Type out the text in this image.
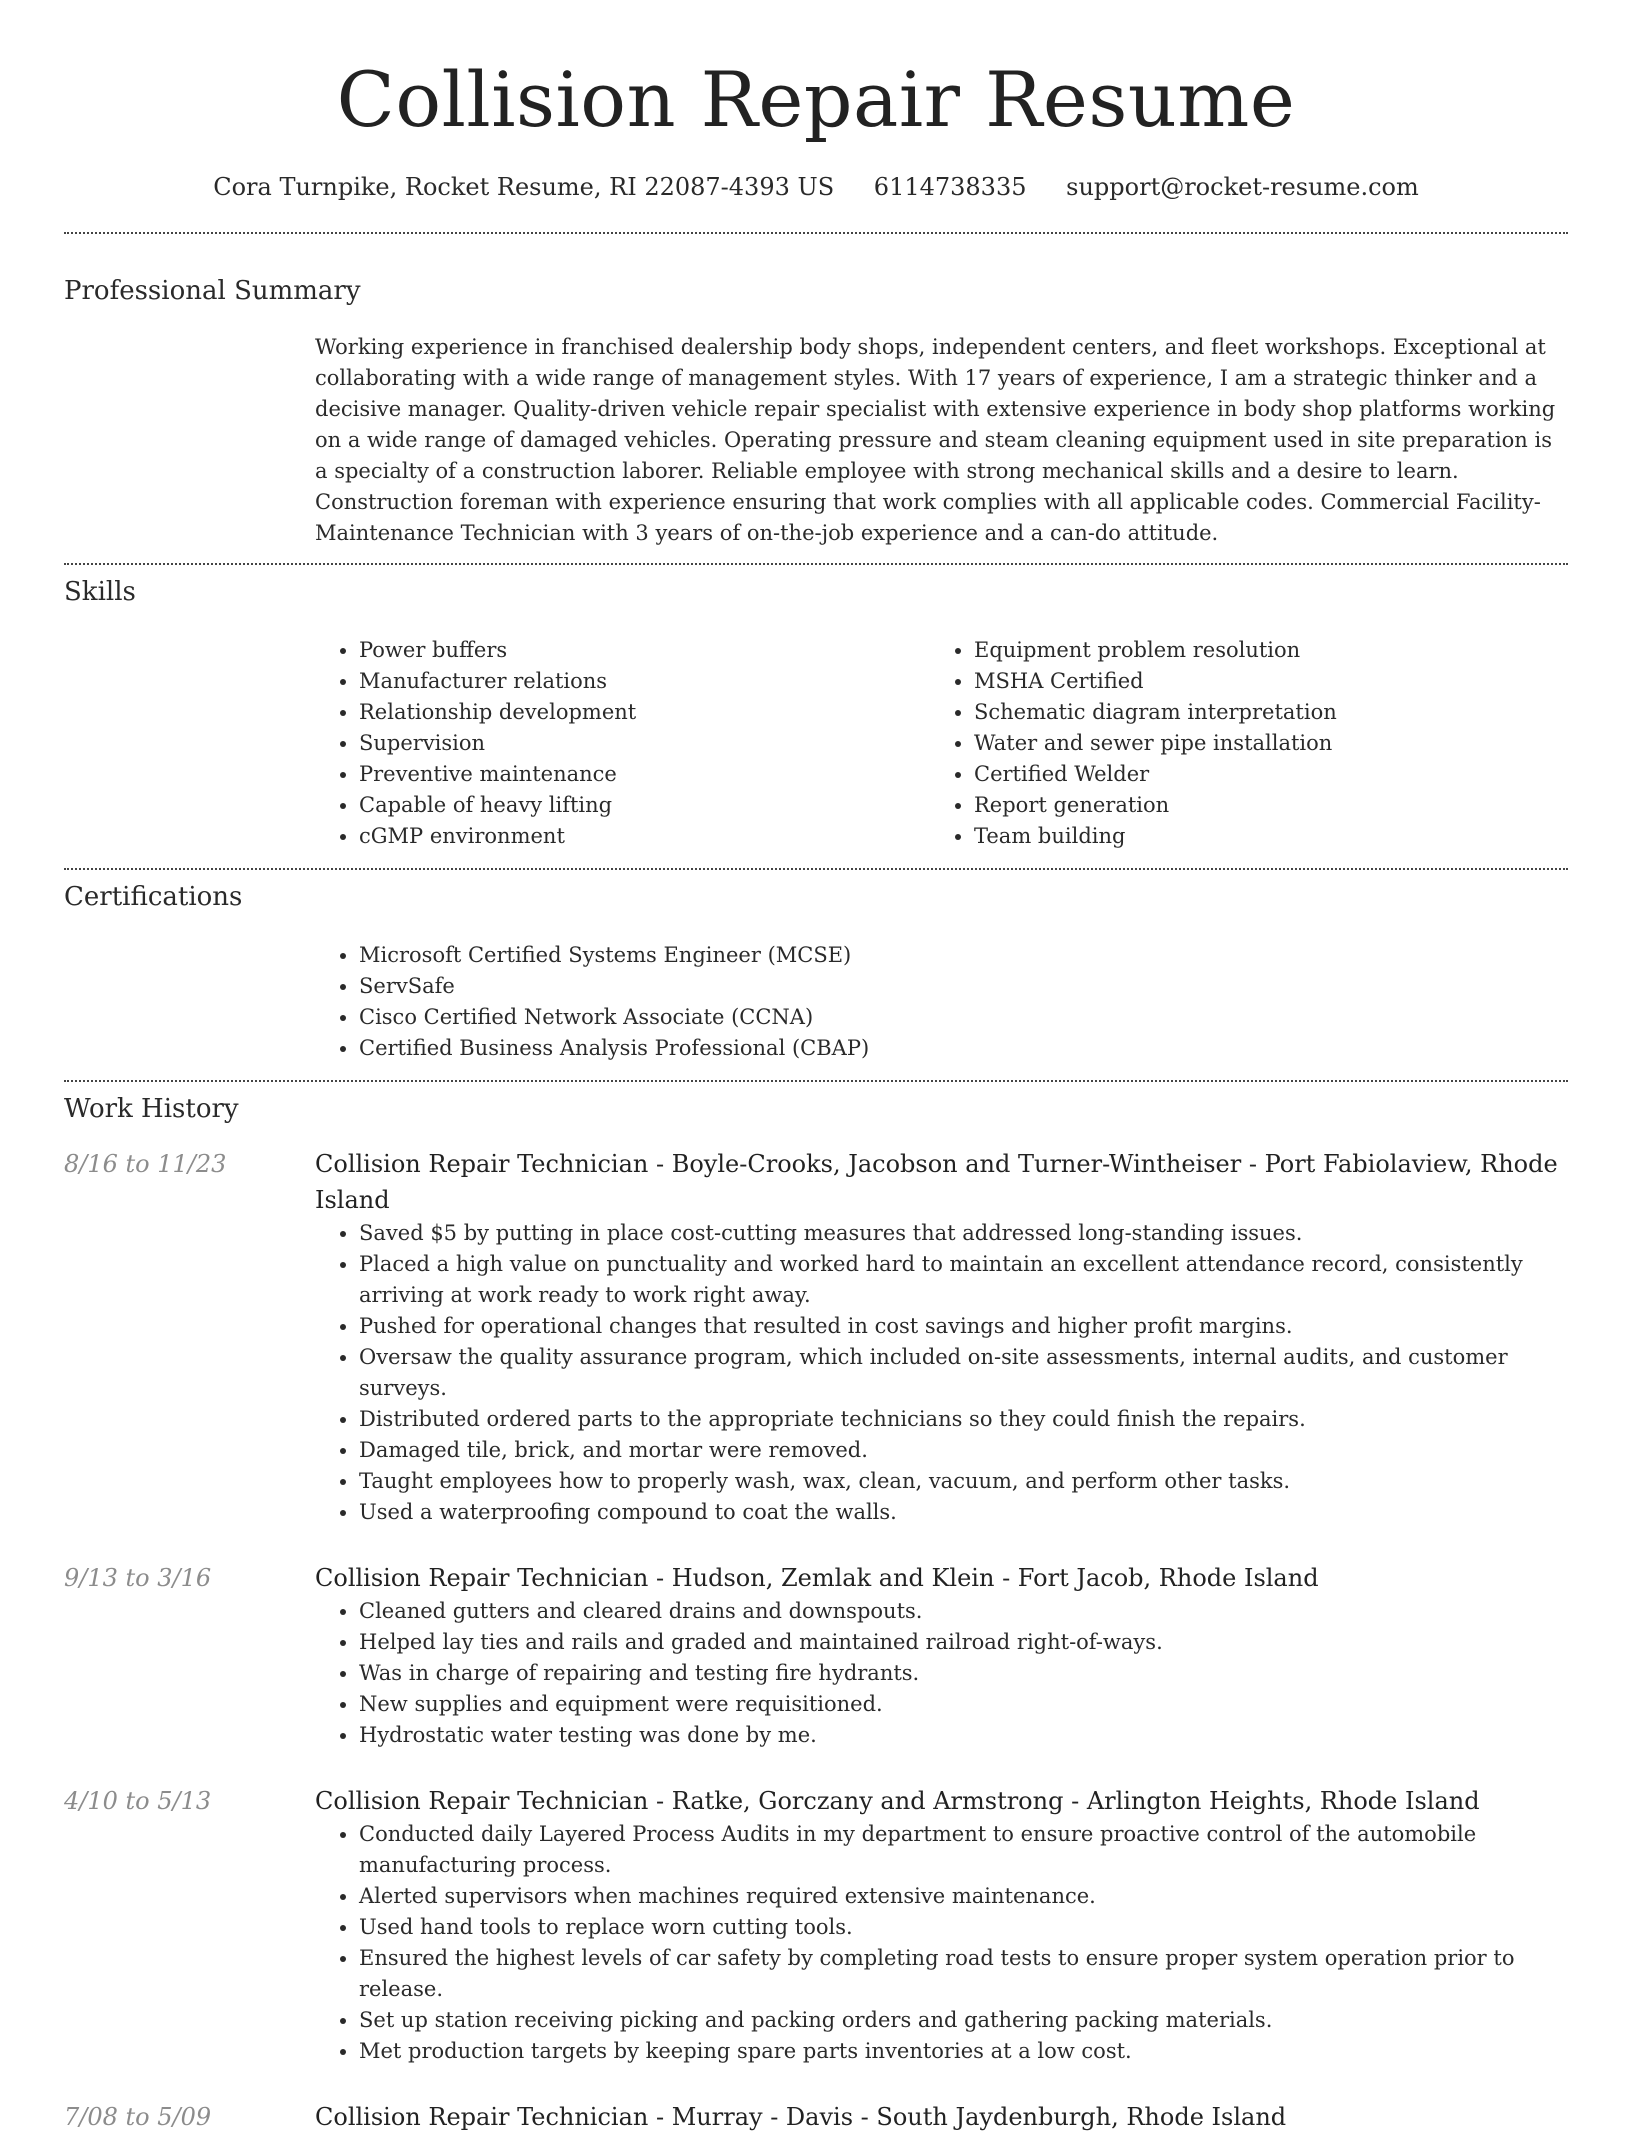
Collision Repair Resume
Cora Turnpike, Rocket Resume, RI 22087-4393 US 6114738335 support@rocket-resume.com
Professional Summary
Working experience in franchised dealership body shops, independent centers, and fleet workshops. Exceptional at collaborating with a wide range of management styles. With 17 years of experience, I am a strategic thinker and a decisive manager. Quality-driven vehicle repair specialist with extensive experience in body shop platforms working on a wide range of damaged vehicles. Operating pressure and steam cleaning equipment used in site preparation is a specialty of a construction laborer. Reliable employee with strong mechanical skills and a desire to learn. Construction foreman with experience ensuring that work complies with all applicable codes. Commercial Facility-Maintenance Technician with 3 years of on-the-job experience and a can-do attitude.
Skills
• Power buffers
• Manufacturer relations
• Relationship development
• Supervision
• Preventive maintenance
• Capable of heavy lifting
• cGMP environment
• Equipment problem resolution
• MSHA Certified
• Schematic diagram interpretation
• Water and sewer pipe installation
• Certified Welder
• Report generation
• Team building
Certifications
• Microsoft Certified Systems Engineer (MCSE)
• ServSafe
• Cisco Certified Network Associate (CCNA)
• Certified Business Analysis Professional (CBAP)
Work History
8/16 to 11/23	Collision Repair Technician - Boyle-Crooks, Jacobson and Turner-Wintheiser - Port Fabiolaview, Rhode Island
• Saved $5 by putting in place cost-cutting measures that addressed long-standing issues.
• Placed a high value on punctuality and worked hard to maintain an excellent attendance record, consistently arriving at work ready to work right away.
• Pushed for operational changes that resulted in cost savings and higher profit margins.
• Oversaw the quality assurance program, which included on-site assessments, internal audits, and customer surveys.
• Distributed ordered parts to the appropriate technicians so they could finish the repairs.
• Damaged tile, brick, and mortar were removed.
• Taught employees how to properly wash, wax, clean, vacuum, and perform other tasks.
• Used a waterproofing compound to coat the walls.
9/13 to 3/16	Collision Repair Technician - Hudson, Zemlak and Klein - Fort Jacob, Rhode Island
• Cleaned gutters and cleared drains and downspouts.
• Helped lay ties and rails and graded and maintained railroad right-of-ways.
• Was in charge of repairing and testing fire hydrants.
• New supplies and equipment were requisitioned.
• Hydrostatic water testing was done by me.
4/10 to 5/13	Collision Repair Technician - Ratke, Gorczany and Armstrong - Arlington Heights, Rhode Island
• Conducted daily Layered Process Audits in my department to ensure proactive control of the automobile manufacturing process.
• Alerted supervisors when machines required extensive maintenance.
• Used hand tools to replace worn cutting tools.
• Ensured the highest levels of car safety by completing road tests to ensure proper system operation prior to release.
• Set up station receiving picking and packing orders and gathering packing materials.
• Met production targets by keeping spare parts inventories at a low cost.
7/08 to 5/09	Collision Repair Technician - Murray - Davis - South Jaydenburgh, Rhode Island
